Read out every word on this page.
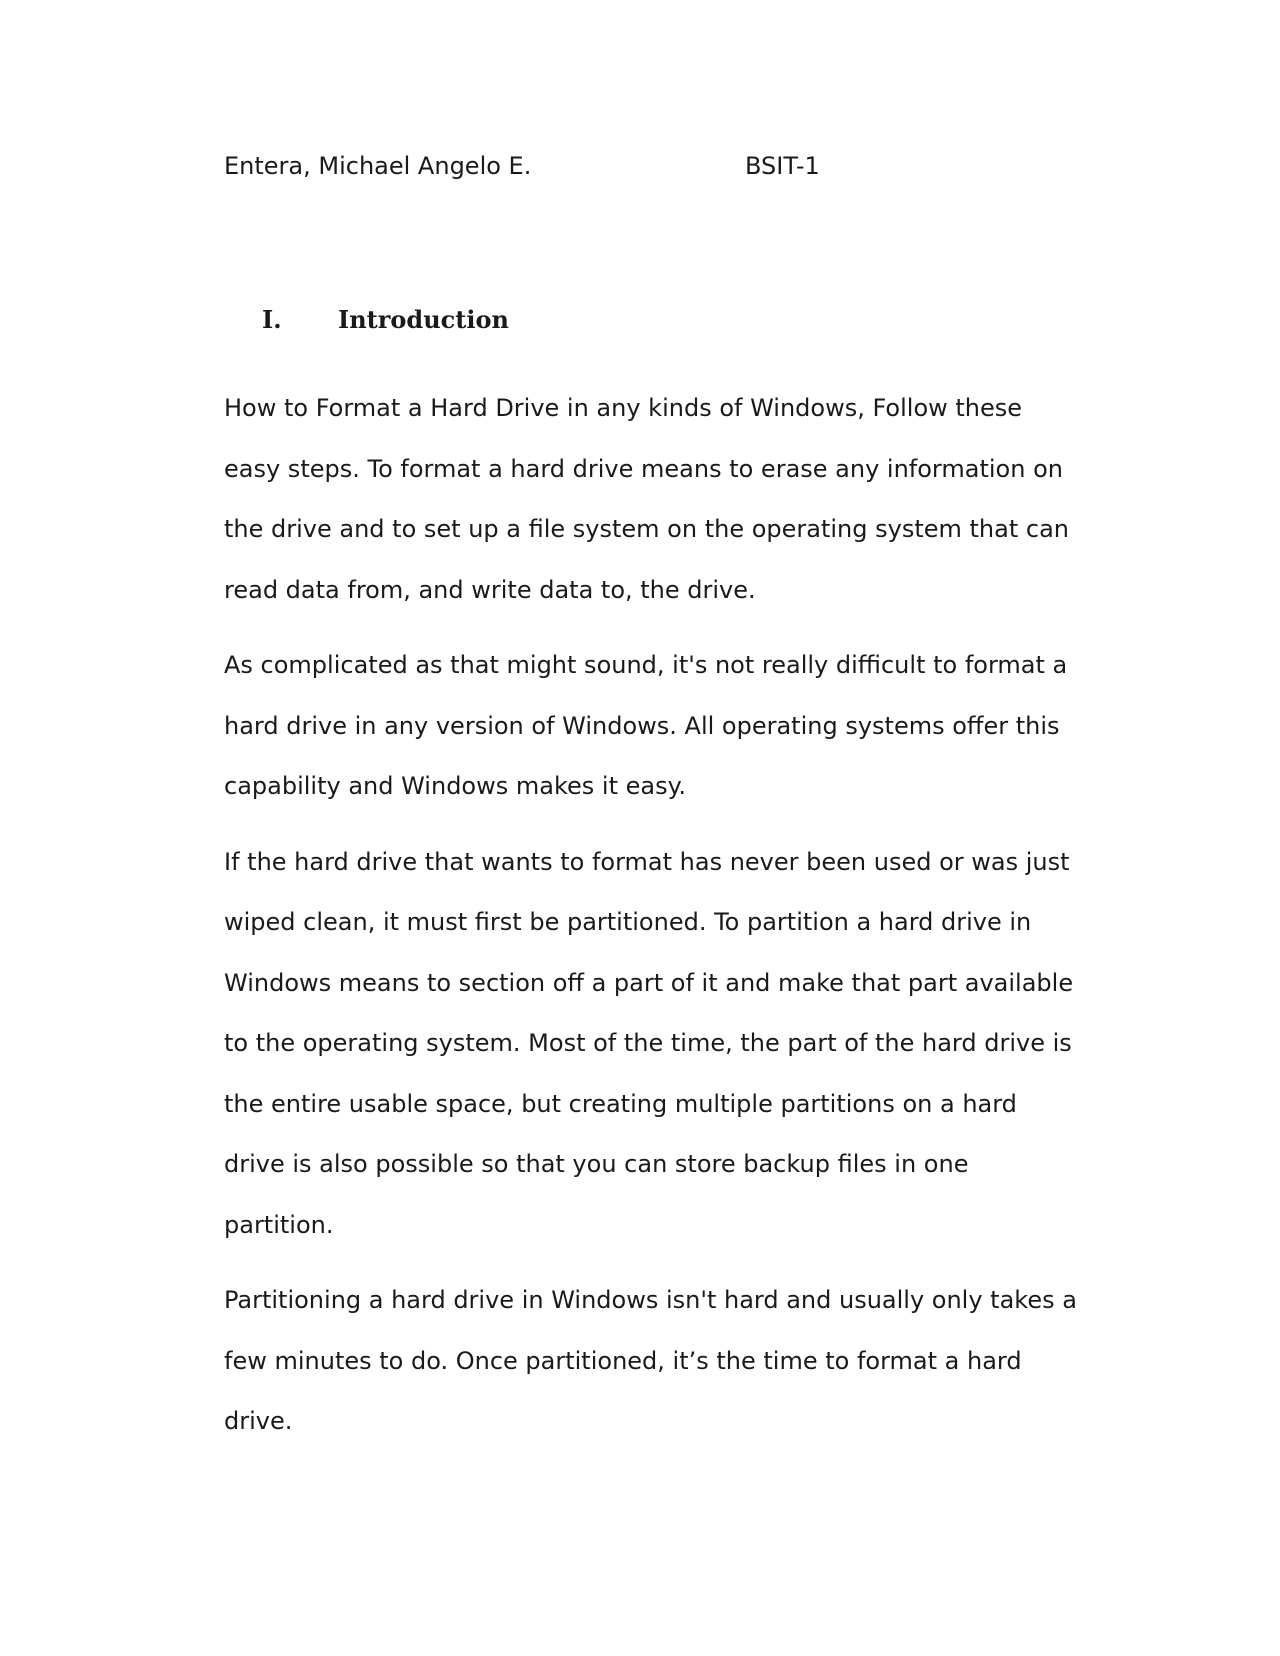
Entera, Michael Angelo E.	BSIT-1
I. Introduction

How to Format a Hard Drive in any kinds of Windows, Follow these
easy steps. To format a hard drive means to erase any information on
the drive and to set up a file system on the operating system that can
read data from, and write data to, the drive.

As complicated as that might sound, it's not really difficult to format a
hard drive in any version of Windows. All operating systems offer this
capability and Windows makes it easy.

If the hard drive that wants to format has never been used or was just
wiped clean, it must first be partitioned. To partition a hard drive in
Windows means to section off a part of it and make that part available
to the operating system. Most of the time, the part of the hard drive is
the entire usable space, but creating multiple partitions on a hard
drive is also possible so that you can store backup files in one
partition.

Partitioning a hard drive in Windows isn't hard and usually only takes a
few minutes to do. Once partitioned, it’s the time to format a hard
drive.
